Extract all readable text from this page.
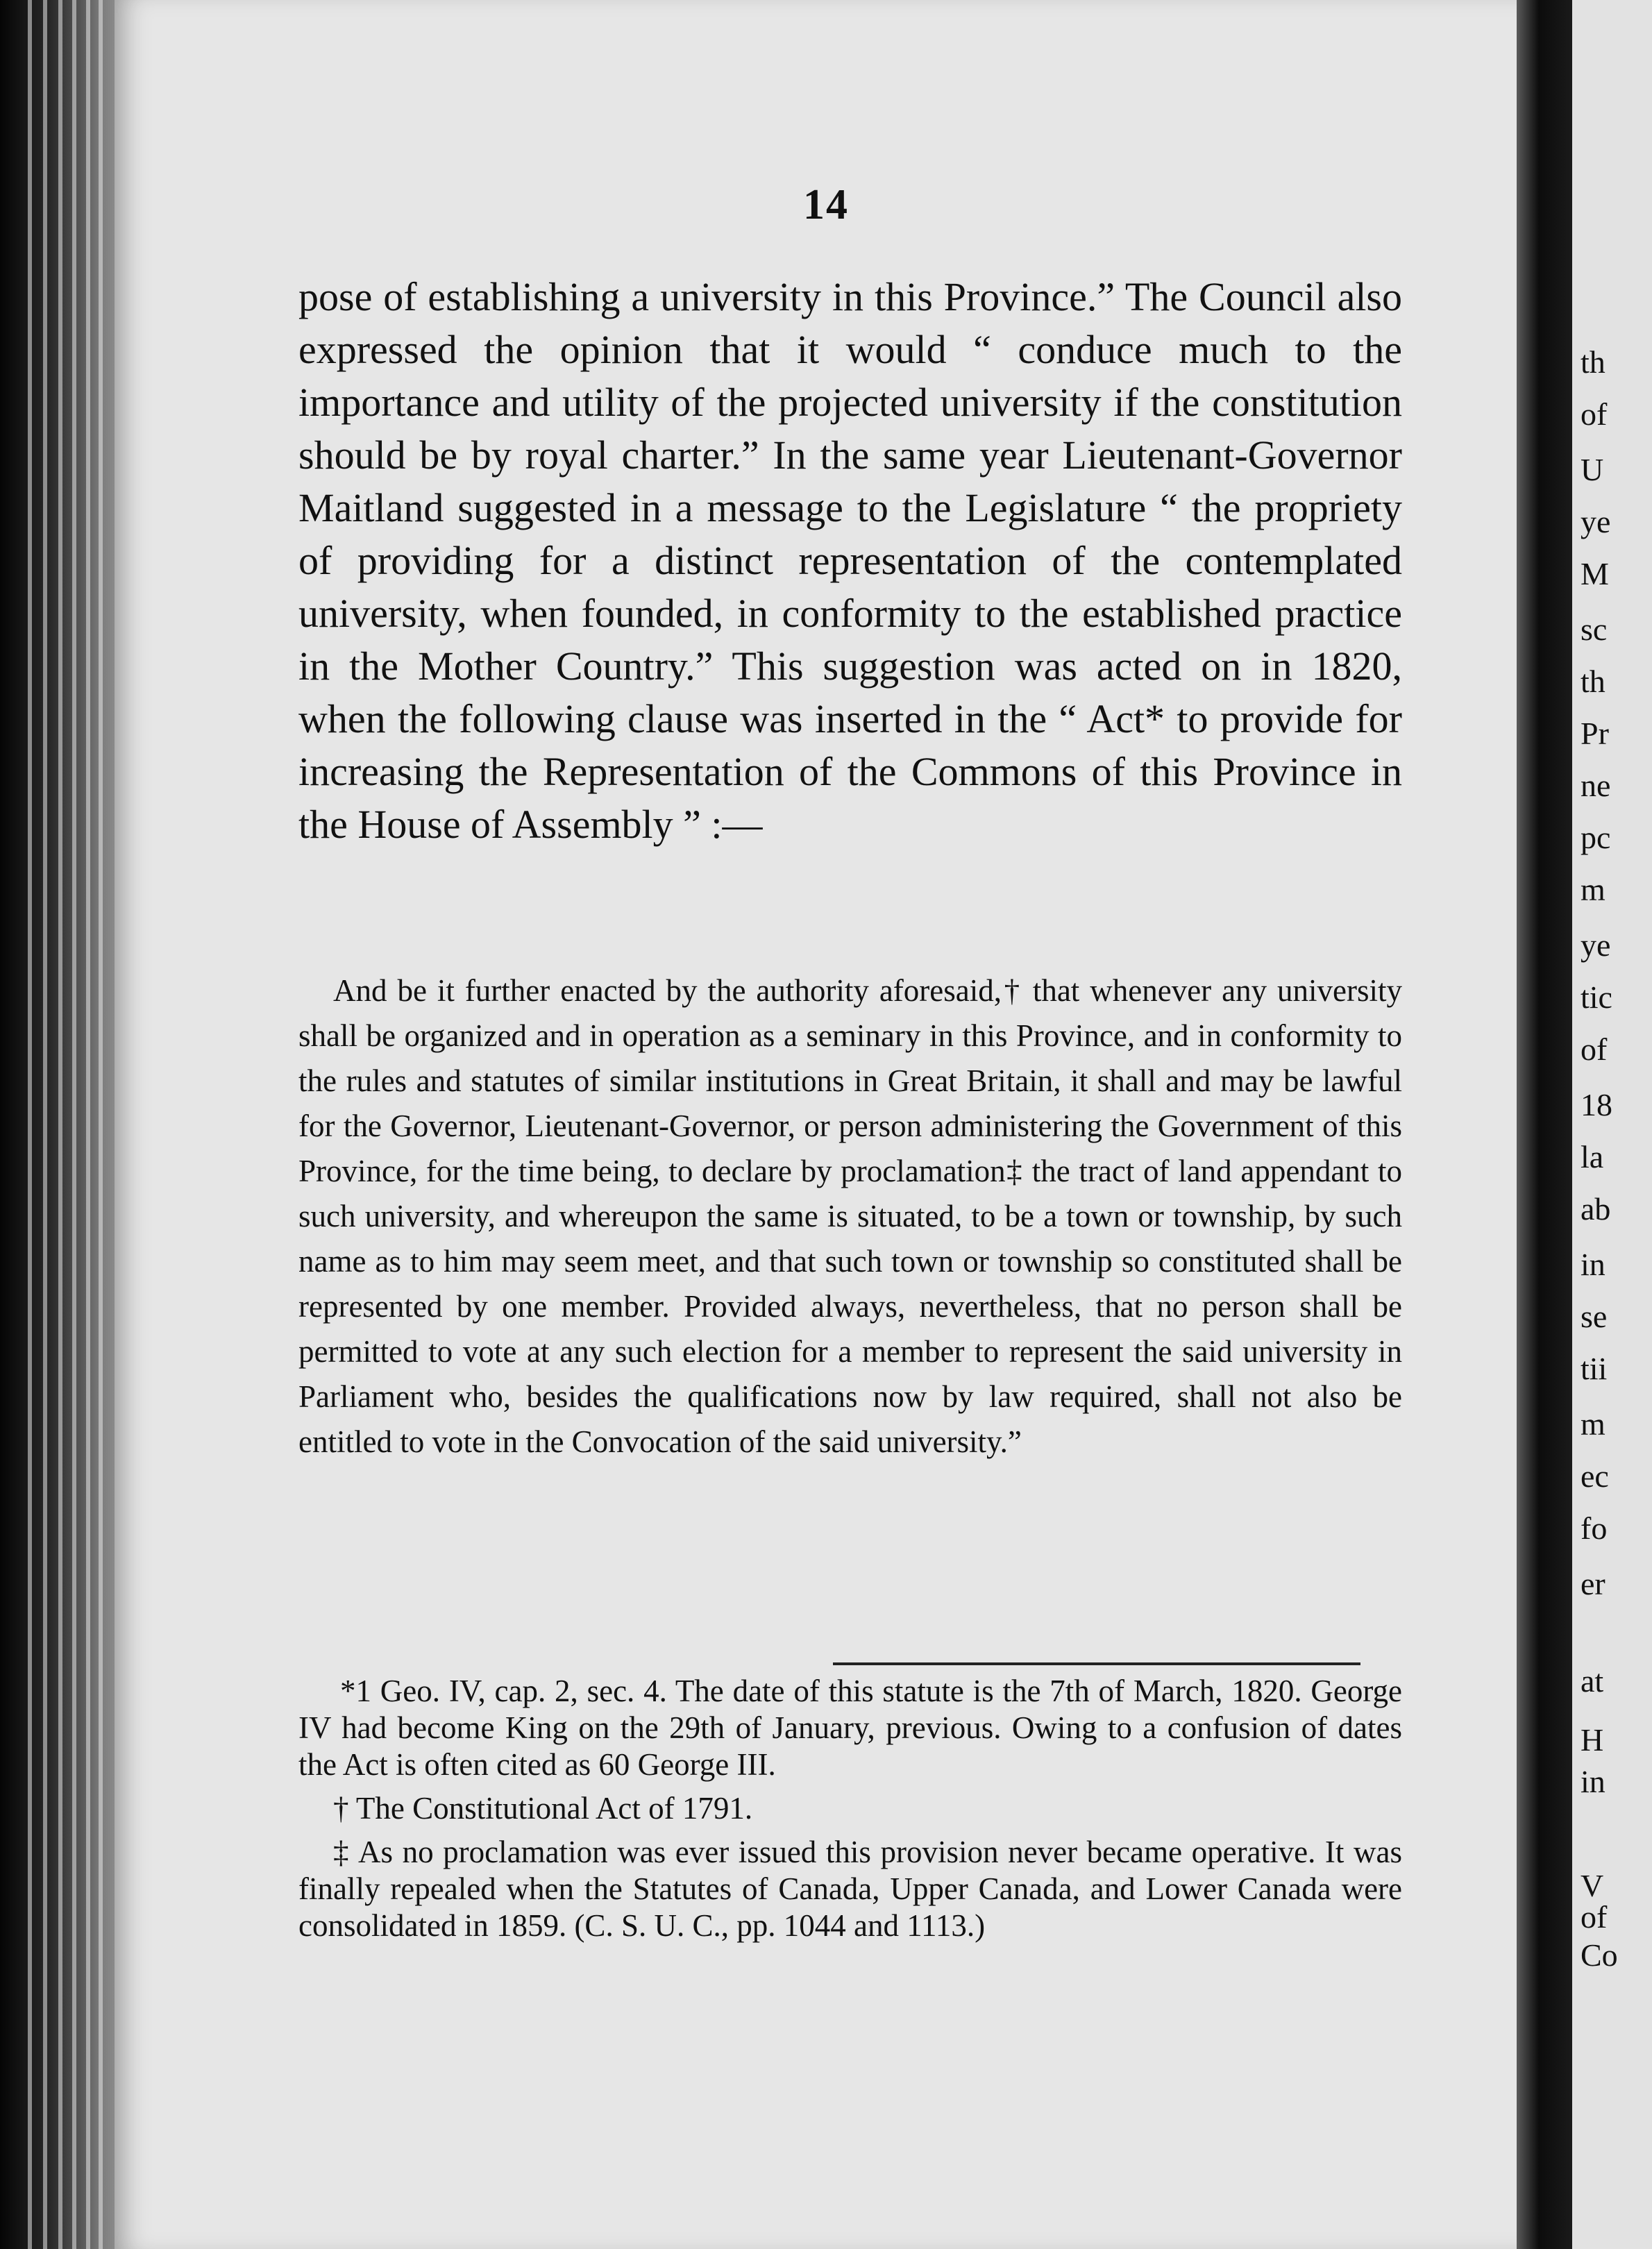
14

pose of establishing a university in this Province.” The Council also expressed the opinion that it would “ conduce much to the importance and utility of the projected university if the constitution should be by royal charter.” In the same year Lieutenant-Governor Maitland suggested in a message to the Legislature “ the propriety of providing for a distinct representation of the contemplated university, when founded, in conformity to the established practice in the Mother Country.” This suggestion was acted on in 1820, when the following clause was inserted in the “ Act* to provide for increasing the Representation of the Commons of this Province in the House of Assembly ” :—

And be it further enacted by the authority aforesaid,† that whenever any university shall be organized and in operation as a seminary in this Province, and in conformity to the rules and statutes of similar institutions in Great Britain, it shall and may be lawful for the Governor, Lieutenant-Governor, or person administering the Government of this Province, for the time being, to declare by proclamation‡ the tract of land appendant to such university, and whereupon the same is situated, to be a town or township, by such name as to him may seem meet, and that such town or township so constituted shall be represented by one member. Provided always, nevertheless, that no person shall be permitted to vote at any such election for a member to represent the said university in Parliament who, besides the qualifications now by law required, shall not also be entitled to vote in the Convocation of the said university.”

*1 Geo. IV, cap. 2, sec. 4. The date of this statute is the 7th of March, 1820. George IV had become King on the 29th of January, previous. Owing to a confusion of dates the Act is often cited as 60 George III.

† The Constitutional Act of 1791.

‡ As no proclamation was ever issued this provision never became operative. It was finally repealed when the Statutes of Canada, Upper Canada, and Lower Canada were consolidated in 1859. (C. S. U. C., pp. 1044 and 1113.)

th
of
U
ye
M
sc
th
Pr
ne
pc
m
ye
tic
of
18
la
ab
in
se
tii
m
ec
fo
er
at
H
in
V
of
Co
